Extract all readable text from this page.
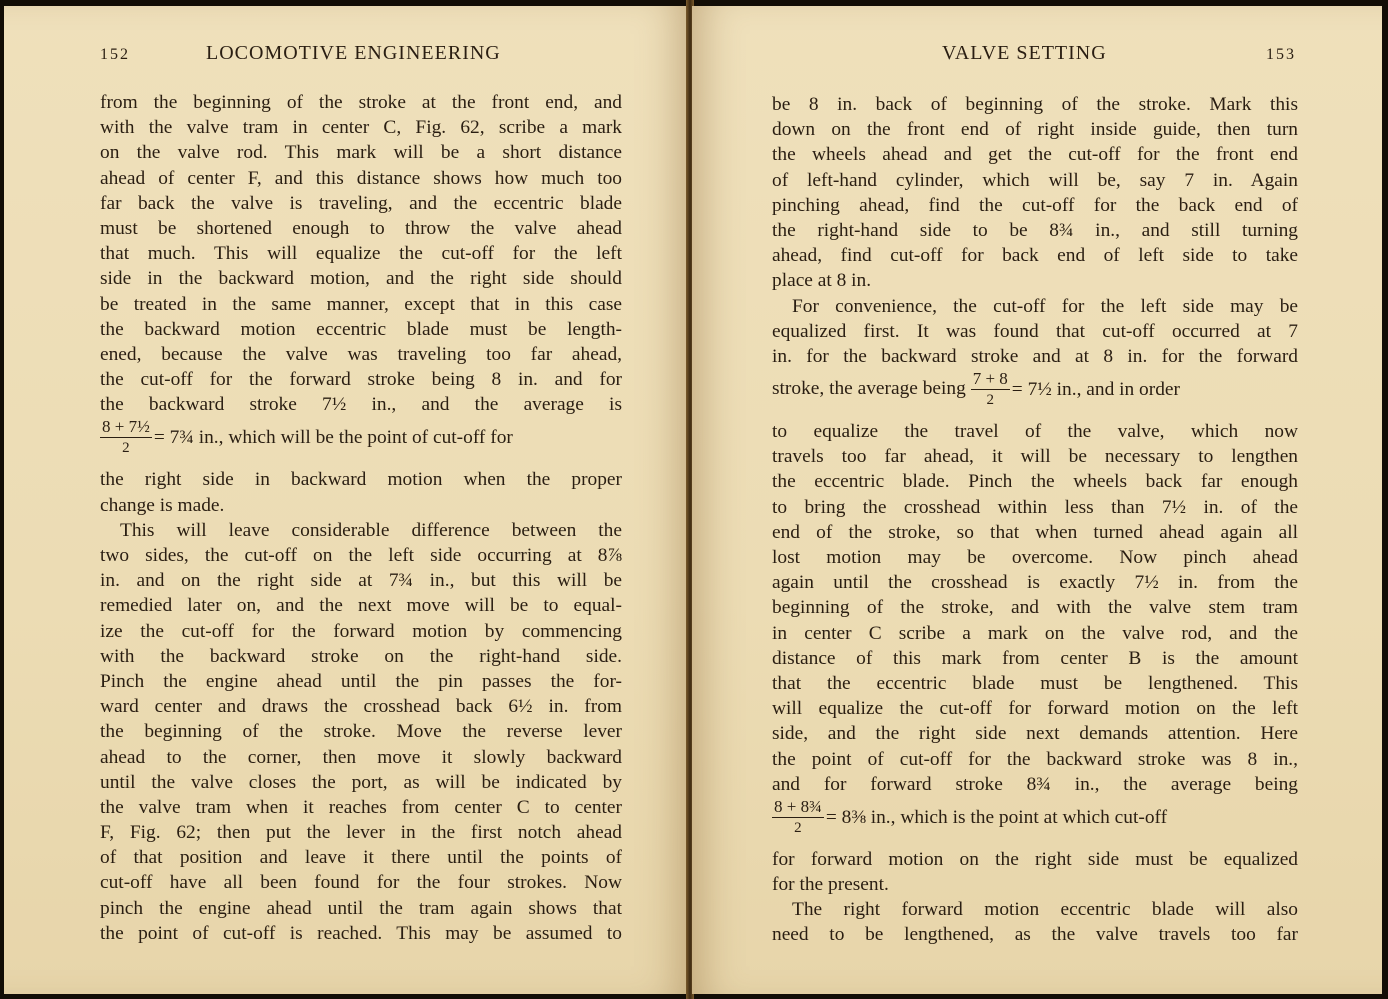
152	LOCOMOTIVE ENGINEERING
from the beginning of the stroke at the front end, and
with the valve tram in center C, Fig. 62, scribe a mark
on the valve rod. This mark will be a short distance
ahead of center F, and this distance shows how much too
far back the valve is traveling, and the eccentric blade
must be shortened enough to throw the valve ahead
that much. This will equalize the cut-off for the left
side in the backward motion, and the right side should
be treated in the same manner, except that in this case
the backward motion eccentric blade must be length-
ened, because the valve was traveling too far ahead,
the cut-off for the forward stroke being 8 in. and for
the backward stroke 7½ in., and the average is
$\frac{\text{8 + 7½}}{2}$ = 7¾ in., which will be the point of cut-off for
the right side in backward motion when the proper
change is made.
This will leave considerable difference between the
two sides, the cut-off on the left side occurring at 8⅞
in. and on the right side at 7¾ in., but this will be
remedied later on, and the next move will be to equal-
ize the cut-off for the forward motion by commencing
with the backward stroke on the right-hand side.
Pinch the engine ahead until the pin passes the for-
ward center and draws the crosshead back 6½ in. from
the beginning of the stroke. Move the reverse lever
ahead to the corner, then move it slowly backward
until the valve closes the port, as will be indicated by
the valve tram when it reaches from center C to center
F, Fig. 62; then put the lever in the first notch ahead
of that position and leave it there until the points of
cut-off have all been found for the four strokes. Now
pinch the engine ahead until the tram again shows that
the point of cut-off is reached. This may be assumed to
VALVE SETTING	153
be 8 in. back of beginning of the stroke. Mark this
down on the front end of right inside guide, then turn
the wheels ahead and get the cut-off for the front end
of left-hand cylinder, which will be, say 7 in. Again
pinching ahead, find the cut-off for the back end of
the right-hand side to be 8¾ in., and still turning
ahead, find cut-off for back end of left side to take
place at 8 in.
For convenience, the cut-off for the left side may be
equalized first. It was found that cut-off occurred at 7
in. for the backward stroke and at 8 in. for the forward
stroke, the average being $\frac{7 + 8}{2}$ = 7½ in., and in order
to equalize the travel of the valve, which now
travels too far ahead, it will be necessary to lengthen
the eccentric blade. Pinch the wheels back far enough
to bring the crosshead within less than 7½ in. of the
end of the stroke, so that when turned ahead again all
lost motion may be overcome. Now pinch ahead
again until the crosshead is exactly 7½ in. from the
beginning of the stroke, and with the valve stem tram
in center C scribe a mark on the valve rod, and the
distance of this mark from center B is the amount
that the eccentric blade must be lengthened. This
will equalize the cut-off for forward motion on the left
side, and the right side next demands attention. Here
the point of cut-off for the backward stroke was 8 in.,
and for forward stroke 8¾ in., the average being
$\frac{\text{8 + 8¾}}{2}$ = 8⅜ in., which is the point at which cut-off
for forward motion on the right side must be equalized
for the present.
The right forward motion eccentric blade will also
need to be lengthened, as the valve travels too far
